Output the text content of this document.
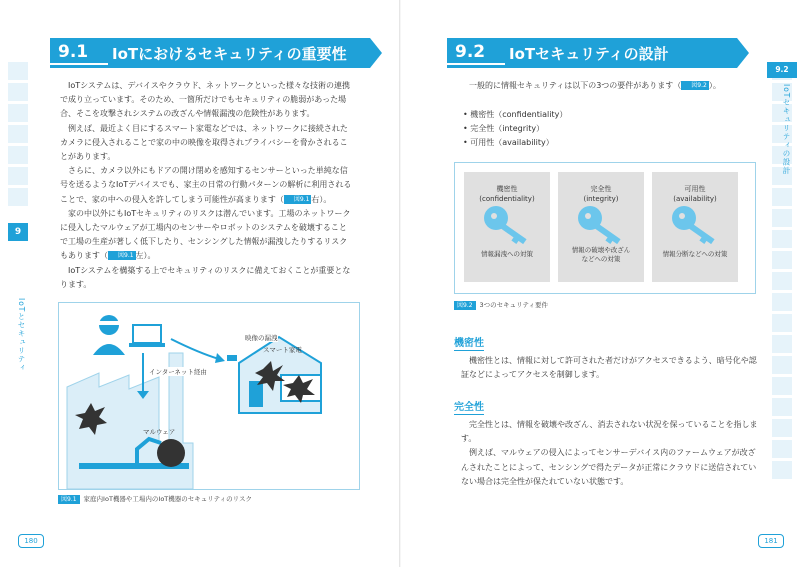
9
IoTとセキュリティ
180
9.1	IoTにおけるセキュリティの重要性

IoTシステムは、デバイスやクラウド、ネットワークといった様々な技術の連携で成り立っています。そのため、一箇所だけでもセキュリティの脆弱があった場合、そこを攻撃されシステムの改ざんや情報漏洩の危険性があります。

例えば、最近よく目にするスマート家電などでは、ネットワークに接続されたカメラに侵入されることで家の中の映像を取得されプライバシーを脅かされることがあります。

さらに、カメラ以外にもドアの開け閉めを感知するセンサーといった単純な信号を送るようなIoTデバイスでも、家主の日常の行動パターンの解析に利用されることで、家の中への侵入を許してしまう可能性が高まります（ 図9.1 右）。

家の中以外にもIoTセキュリティのリスクは潜んでいます。工場のネットワークに侵入したマルウェアが工場内のセンサーやロボットのシステムを破壊することで工場の生産が著しく低下したり、センシングした情報が漏洩したりするリスクもあります（ 図9.1 左）。

IoTシステムを構築する上でセキュリティのリスクに備えておくことが重要となります。

インターネット経由
映像の漏洩
スマート家電
マルウェア
図9.1 家庭内IoT機器や工場内のIoT機器のセキュリティのリスク
9.2	IoTセキュリティの設計

一般的に情報セキュリティは以下の3つの要件があります（ 図9.2 ）。

• 機密性（confidentiality）
• 完全性（integrity）
• 可用性（availability）
機密性
(confidentiality)
情報漏洩への対策
完全性
(integrity)
情報の破壊や改ざん
などへの対策
可用性
(availability)
情報分断などへの対策
図9.2 3つのセキュリティ要件
機密性

機密性とは、情報に対して許可された者だけがアクセスできるよう、暗号化や認証などによってアクセスを制御します。

完全性

完全性とは、情報を破壊や改ざん、消去されない状況を保っていることを指します。

例えば、マルウェアの侵入によってセンサーデバイス内のファームウェアが改ざんされたことによって、センシングで得たデータが正常にクラウドに送信されていない場合は完全性が保たれていない状態です。

9.2
IoTセキュリティの設計
181
